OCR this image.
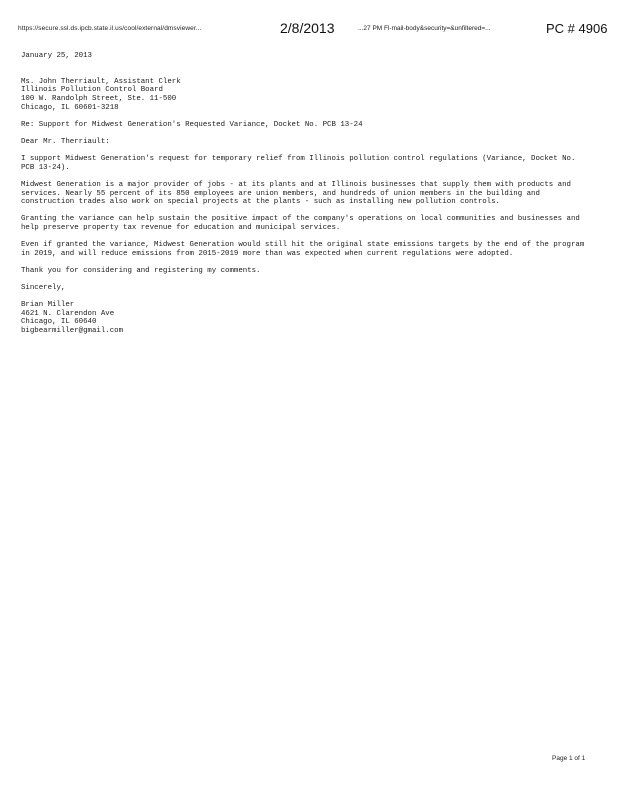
https://secure.ssl.ds.ipcb.state.il.us/cool/external/dmsviewer...	2/8/2013	...27 PM Fl-mail-body&security=&unfiltered=...	PC # 4906

January 25, 2013

Ms. John Therriault, Assistant Clerk
Illinois Pollution Control Board
100 W. Randolph Street, Ste. 11-500
Chicago, IL 60601-3218

Re: Support for Midwest Generation's Requested Variance, Docket No. PCB 13-24

Dear Mr. Therriault:

I support Midwest Generation's request for temporary relief from Illinois pollution control regulations (Variance, Docket No. PCB 13-24).

Midwest Generation is a major provider of jobs - at its plants and at Illinois businesses that supply them with products and services. Nearly 55 percent of its 850 employees are union members, and hundreds of union members in the building and construction trades also work on special projects at the plants - such as installing new pollution controls.

Granting the variance can help sustain the positive impact of the company's operations on local communities and businesses and help preserve property tax revenue for education and municipal services.

Even if granted the variance, Midwest Generation would still hit the original state emissions targets by the end of the program in 2019, and will reduce emissions from 2015-2019 more than was expected when current regulations were adopted.

Thank you for considering and registering my comments.

Sincerely,

Brian Miller
4621 N. Clarendon Ave
Chicago, IL 60640
bigbearmiller@gmail.com
Page 1 of 1
